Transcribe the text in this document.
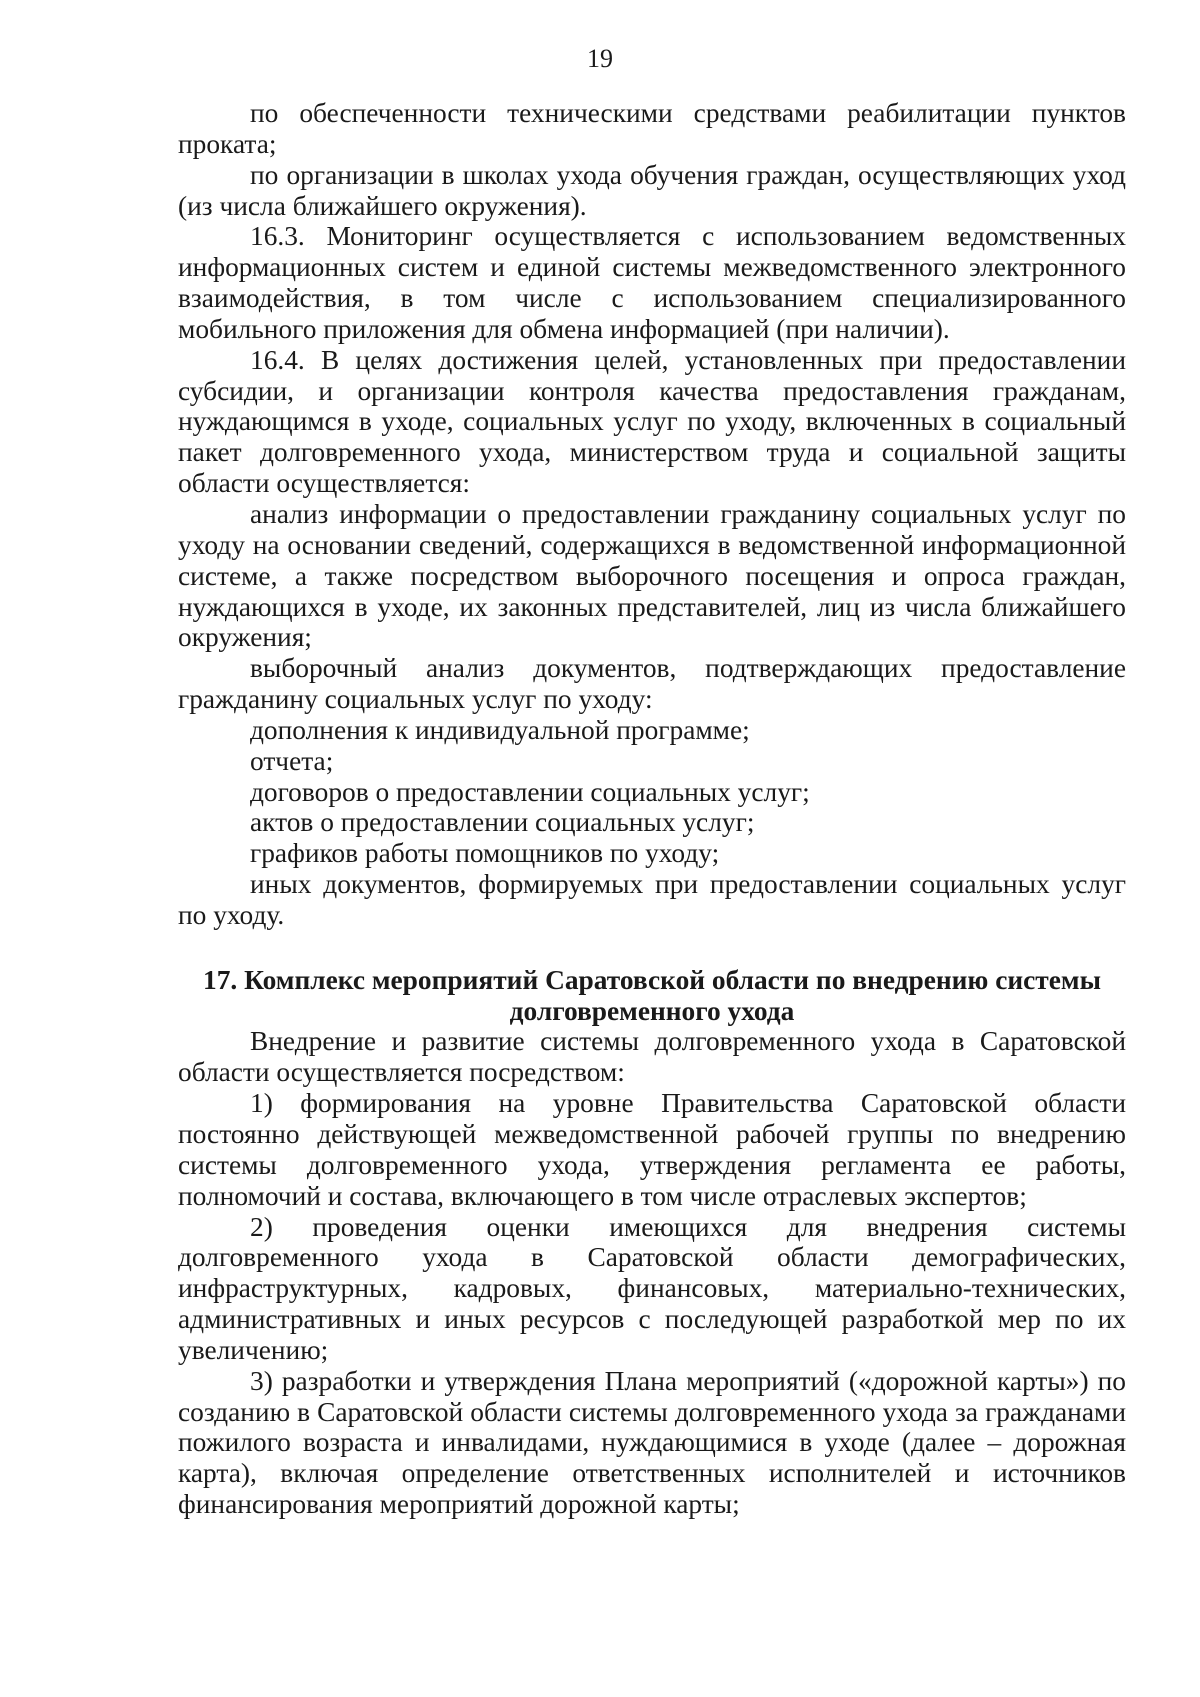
19

по обеспеченности техническими средствами реабилитации пунктов проката;

по организации в школах ухода обучения граждан, осуществляющих уход (из числа ближайшего окружения).

16.3. Мониторинг осуществляется с использованием ведомственных информационных систем и единой системы межведомственного электронного взаимодействия, в том числе с использованием специализированного мобильного приложения для обмена информацией (при наличии).

16.4. В целях достижения целей, установленных при предоставлении субсидии, и организации контроля качества предоставления гражданам, нуждающимся в уходе, социальных услуг по уходу, включенных в социальный пакет долговременного ухода, министерством труда и социальной защиты области осуществляется:

анализ информации о предоставлении гражданину социальных услуг по уходу на основании сведений, содержащихся в ведомственной информационной системе, а также посредством выборочного посещения и опроса граждан, нуждающихся в уходе, их законных представителей, лиц из числа ближайшего окружения;

выборочный анализ документов, подтверждающих предоставление гражданину социальных услуг по уходу:

дополнения к индивидуальной программе;

отчета;

договоров о предоставлении социальных услуг;

актов о предоставлении социальных услуг;

графиков работы помощников по уходу;

иных документов, формируемых при предоставлении социальных услуг по уходу.

17. Комплекс мероприятий Саратовской области по внедрению системы
долговременного ухода

Внедрение и развитие системы долговременного ухода в Саратовской области осуществляется посредством:

1) формирования на уровне Правительства Саратовской области постоянно действующей межведомственной рабочей группы по внедрению системы долговременного ухода, утверждения регламента ее работы, полномочий и состава, включающего в том числе отраслевых экспертов;

2) проведения оценки имеющихся для внедрения системы долговременного ухода в Саратовской области демографических, инфраструктурных, кадровых, финансовых, материально-технических, административных и иных ресурсов с последующей разработкой мер по их увеличению;

3) разработки и утверждения Плана мероприятий («дорожной карты») по созданию в Саратовской области системы долговременного ухода за гражданами пожилого возраста и инвалидами, нуждающимися в уходе (далее – дорожная карта), включая определение ответственных исполнителей и источников финансирования мероприятий дорожной карты;
